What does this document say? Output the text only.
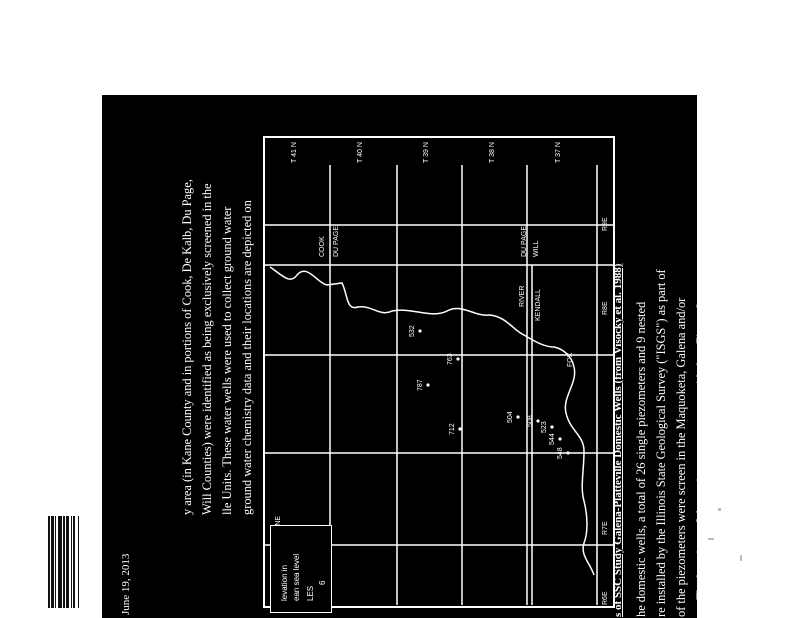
June 19, 2013
y area (in Kane County and in portions of Cook, De Kalb, Du Page, Will Counties) were identified as being exclusively screened in the lle Units. These water wells were used to collect ground water ground water chemistry data and their locations are depicted on	s of SSC Study Galena-Platteville Domestic Wells (from Visocky et al. 1988) he domestic wells, a total of 26 single piezometers and 9 nested re installed by the Illinois State Geological Survey ("ISGS") as part of of the piezometers were screen in the Maquoketa, Galena and/or ps. The locations of these piezometers are provided on Figure 2
T 41 N	T 40 N	T 39 N	T 38 N	T 37 N
COOK DU PAGE	DU PAGE WILL
KENDALL
R6E
R7E
R8E
R9E
RIVER
FOX
712
763
787
504 508
523
544
548
532
levation in ean sea level LES
6
